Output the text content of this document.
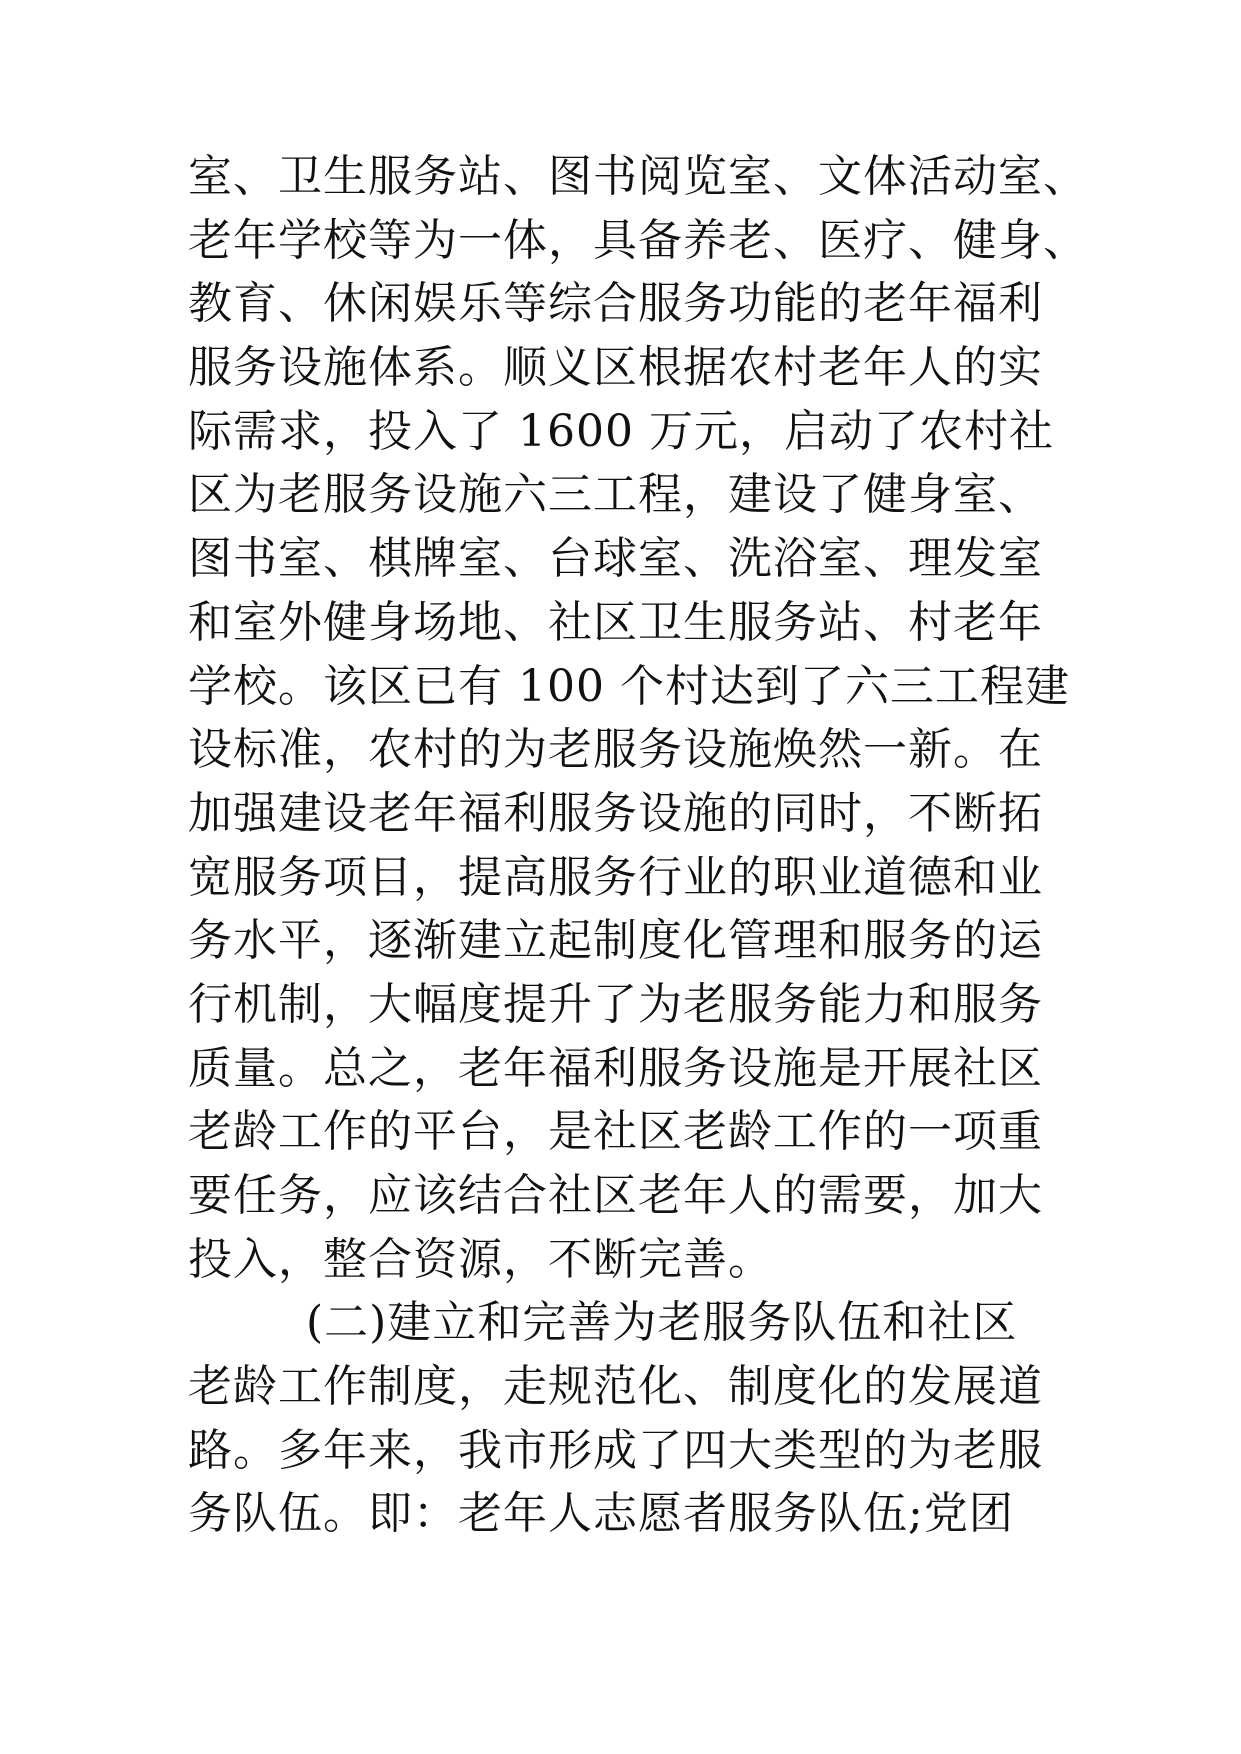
室、卫生服务站、图书阅览室、文体活动室、
老年学校等为一体，具备养老、医疗、健身、
教育、休闲娱乐等综合服务功能的老年福利
服务设施体系。顺义区根据农村老年人的实
际需求，投入了 1600 万元，启动了农村社
区为老服务设施六三工程，建设了健身室、
图书室、棋牌室、台球室、洗浴室、理发室
和室外健身场地、社区卫生服务站、村老年
学校。该区已有 100 个村达到了六三工程建
设标准，农村的为老服务设施焕然一新。在
加强建设老年福利服务设施的同时，不断拓
宽服务项目，提高服务行业的职业道德和业
务水平，逐渐建立起制度化管理和服务的运
行机制，大幅度提升了为老服务能力和服务
质量。总之，老年福利服务设施是开展社区
老龄工作的平台，是社区老龄工作的一项重
要任务，应该结合社区老年人的需要，加大
投入，整合资源，不断完善。
(二)建立和完善为老服务队伍和社区
老龄工作制度，走规范化、制度化的发展道
路。多年来，我市形成了四大类型的为老服
务队伍。即：老年人志愿者服务队伍;党团
